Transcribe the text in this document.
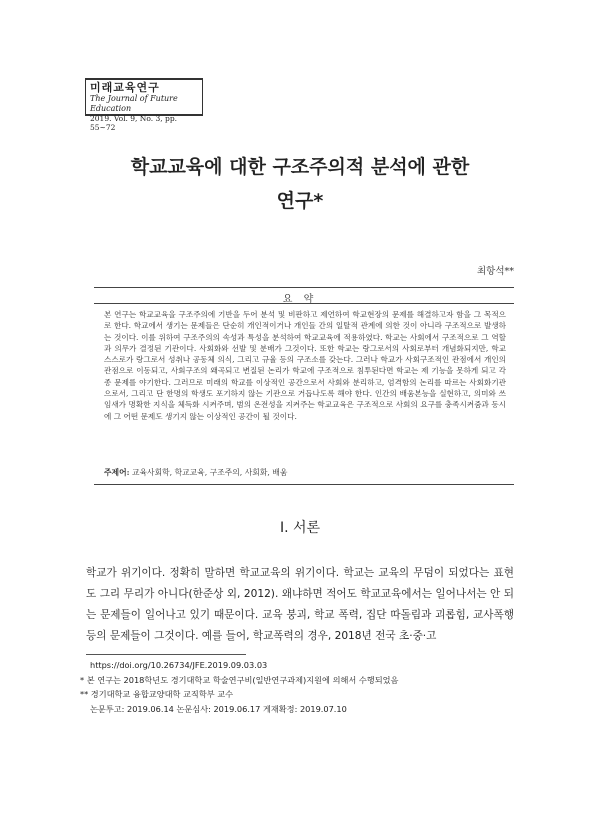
미래교육연구
The Journal of Future Education
2019. Vol. 9, No. 3, pp. 55~72
학교교육에 대한 구조주의적 분석에 관한
연구*
최항석**
요 약
본 연구는 학교교육을 구조주의에 기반을 두어 분석 및 비판하고 제언하여 학교현장의 문제를 해결하고자 함을 그 목적으로 한다. 학교에서 생기는 문제들은 단순히 개인적이거나 개인들 간의 일탈적 관계에 의한 것이 아니라 구조적으로 발생하는 것이다. 이를 위하여 구조주의의 속성과 특성을 분석하여 학교교육에 적용하였다. 학교는 사회에서 구조적으로 그 역할과 의무가 결정된 기관이다. 사회화와 선발 및 분배가 그것이다. 또한 학교는 랑그로서의 사회로부터 개념화되지만, 학교 스스로가 랑그로서 성취나 공동체 의식, 그리고 규율 등의 구조소를 갖는다. 그러나 학교가 사회구조적인 관점에서 개인의 관점으로 이동되고, 사회구조의 왜곡되고 변질된 논리가 학교에 구조적으로 침투된다면 학교는 제 기능을 못하게 되고 각종 문제를 야기한다. 그러므로 미래의 학교를 이상적인 공간으로서 사회와 분리하고, 엄격함의 논리를 따르는 사회화기관으로서, 그리고 단 한명의 학생도 포기하지 않는 기관으로 거듭나도록 해야 한다. 인간의 배움본능을 실현하고, 의미와 쓰임새가 명확한 지식을 체득화 시켜주며, 범의 온전성을 지켜주는 학교교육은 구조적으로 사회의 요구를 충족시켜줌과 동시에 그 어떤 문제도 생기지 않는 이상적인 공간이 될 것이다.
주제어: 교육사회학, 학교교육, 구조주의, 사회화, 배움
Ⅰ. 서론
학교가 위기이다. 정확히 말하면 학교교육의 위기이다. 학교는 교육의 무덤이 되었다는 표현도 그리 무리가 아니다(한준상 외, 2012). 왜냐하면 적어도 학교교육에서는 일어나서는 안 되는 문제들이 일어나고 있기 때문이다. 교육 붕괴, 학교 폭력, 집단 따돌림과 괴롭힘, 교사폭행 등의 문제들이 그것이다. 예를 들어, 학교폭력의 경우, 2018년 전국 초·중·고
https://doi.org/10.26734/JFE.2019.09.03.03
* 본 연구는 2018학년도 경기대학교 학술연구비(일반연구과제)지원에 의해서 수행되었음
** 경기대학교 융합교양대학 교직학부 교수
논문투고: 2019.06.14 논문심사: 2019.06.17 게재확정: 2019.07.10
